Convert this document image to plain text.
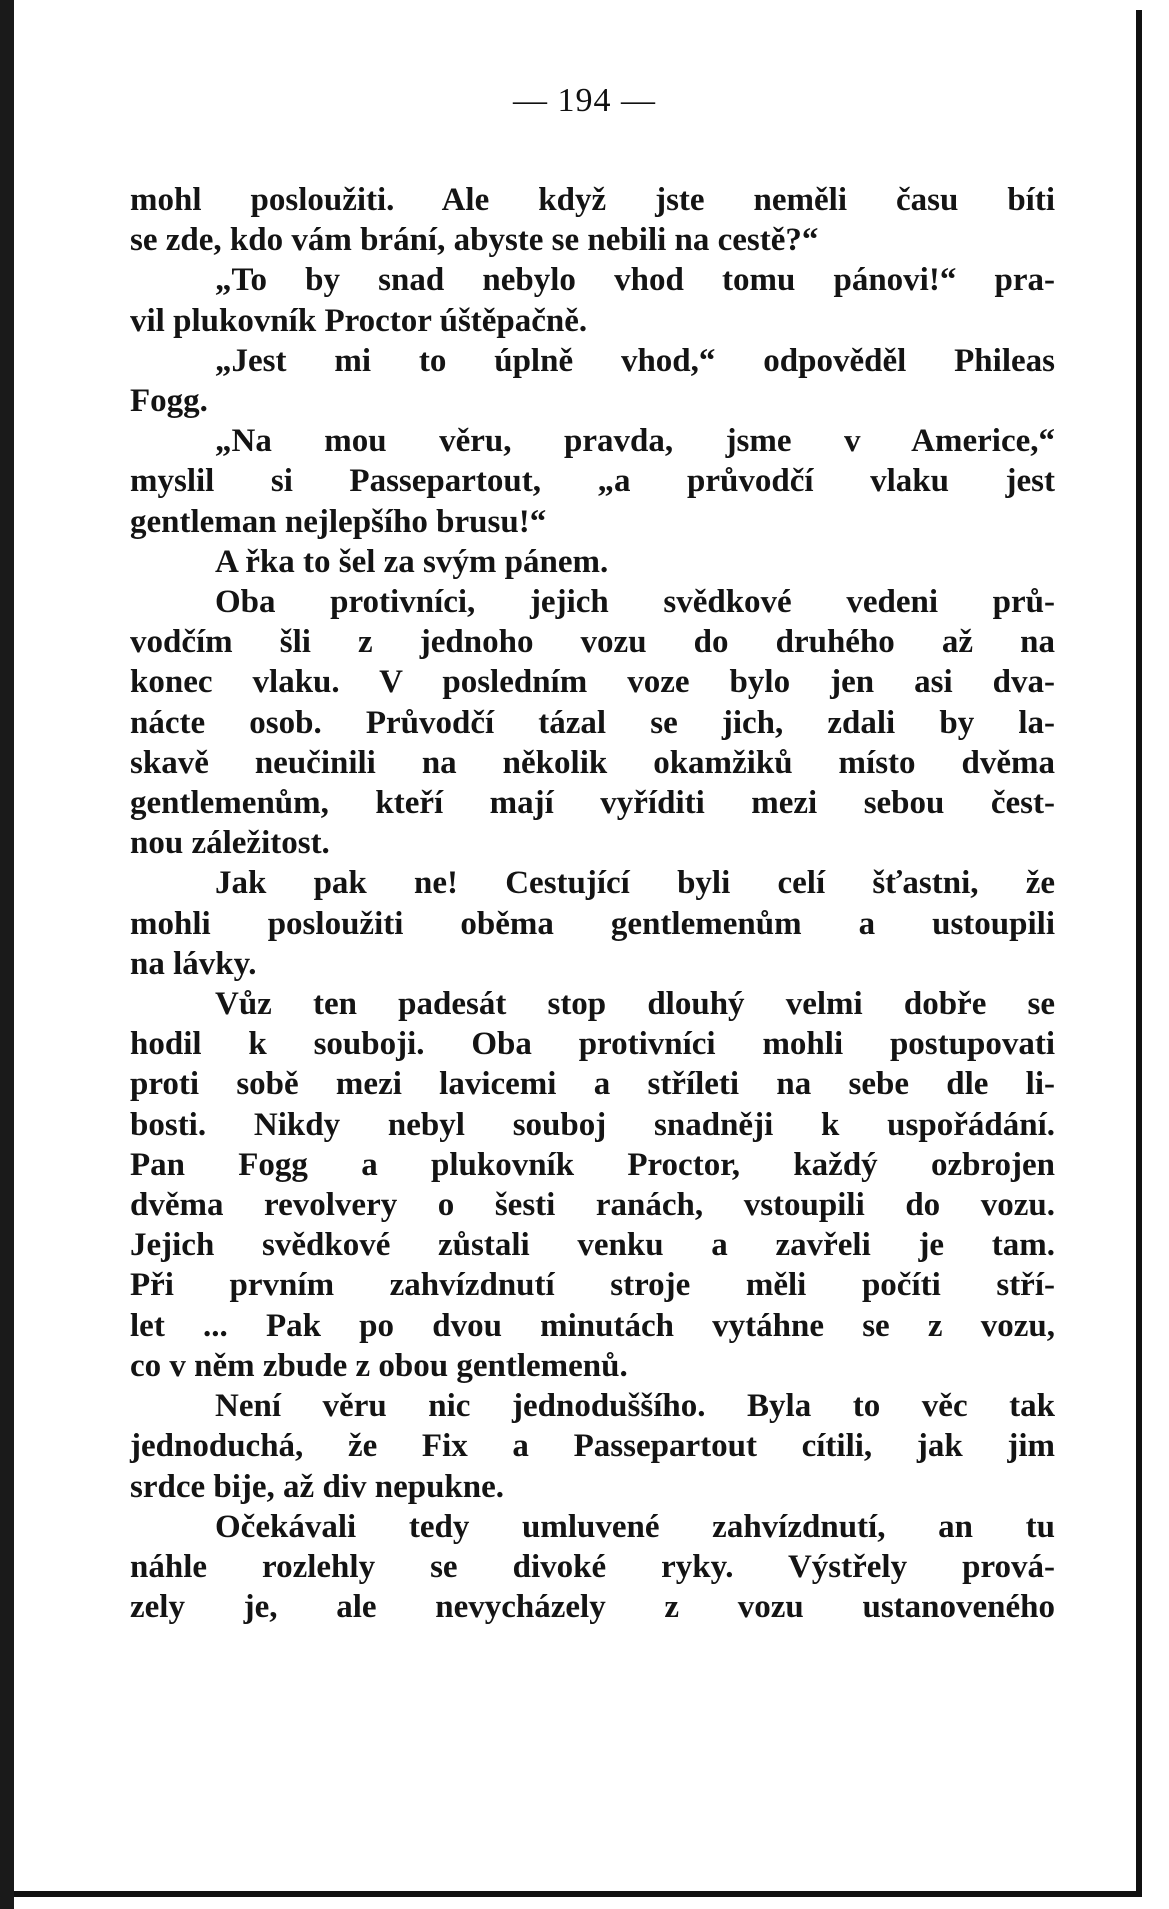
— 194 —
mohl posloužiti. Ale když jste neměli času bíti
se zde, kdo vám brání, abyste se nebili na cestě?“
„To by snad nebylo vhod tomu pánovi!“ pra-
vil plukovník Proctor úštěpačně.
„Jest mi to úplně vhod,“ odpověděl Phileas
Fogg.
„Na mou věru, pravda, jsme v Americe,“
myslil si Passepartout, „a průvodčí vlaku jest
gentleman nejlepšího brusu!“
A řka to šel za svým pánem.
Oba protivníci, jejich svědkové vedeni prů-
vodčím šli z jednoho vozu do druhého až na
konec vlaku. V posledním voze bylo jen asi dva-
nácte osob. Průvodčí tázal se jich, zdali by la-
skavě neučinili na několik okamžiků místo dvěma
gentlemenům, kteří mají vyříditi mezi sebou čest-
nou záležitost.
Jak pak ne! Cestující byli celí šťastni, že
mohli posloužiti oběma gentlemenům a ustoupili
na lávky.
Vůz ten padesát stop dlouhý velmi dobře se
hodil k souboji. Oba protivníci mohli postupovati
proti sobě mezi lavicemi a stříleti na sebe dle li-
bosti. Nikdy nebyl souboj snadněji k uspořádání.
Pan Fogg a plukovník Proctor, každý ozbrojen
dvěma revolvery o šesti ranách, vstoupili do vozu.
Jejich svědkové zůstali venku a zavřeli je tam.
Při prvním zahvízdnutí stroje měli počíti stří-
let ... Pak po dvou minutách vytáhne se z vozu,
co v něm zbude z obou gentlemenů.
Není věru nic jednoduššího. Byla to věc tak
jednoduchá, že Fix a Passepartout cítili, jak jim
srdce bije, až div nepukne.
Očekávali tedy umluvené zahvízdnutí, an tu
náhle rozlehly se divoké ryky. Výstřely prová-
zely je, ale nevycházely z vozu ustanoveného
